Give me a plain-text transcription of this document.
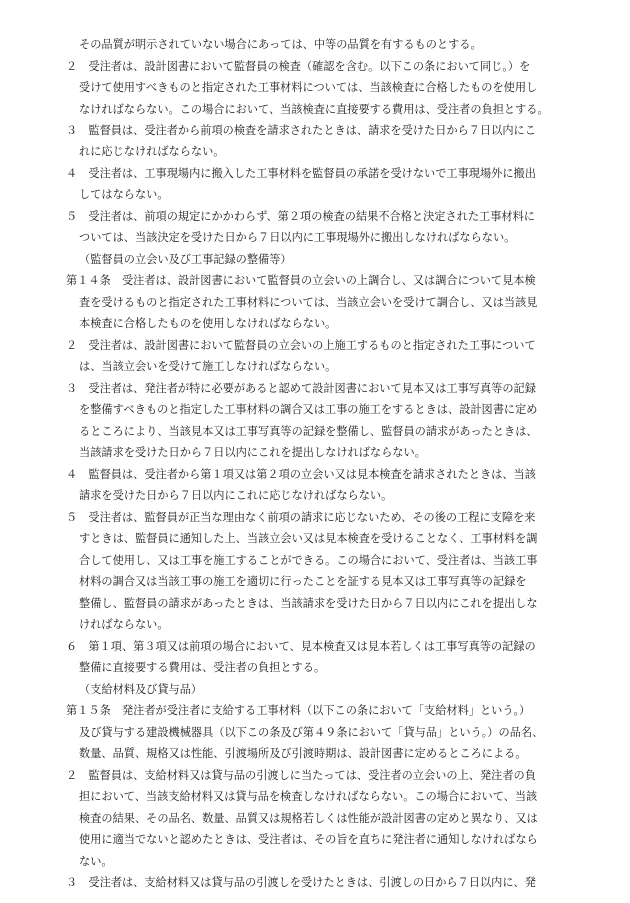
その品質が明示されていない場合にあっては、中等の品質を有するものとする。
２　受注者は、設計図書において監督員の検査（確認を含む。以下この条において同じ。）を
受けて使用すべきものと指定された工事材料については、当該検査に合格したものを使用し
なければならない。この場合において、当該検査に直接要する費用は、受注者の負担とする。
３　監督員は、受注者から前項の検査を請求されたときは、請求を受けた日から７日以内にこ
れに応じなければならない。
４　受注者は、工事現場内に搬入した工事材料を監督員の承諾を受けないで工事現場外に搬出
してはならない。
５　受注者は、前項の規定にかかわらず、第２項の検査の結果不合格と決定された工事材料に
ついては、当該決定を受けた日から７日以内に工事現場外に搬出しなければならない。
（監督員の立会い及び工事記録の整備等）
第１４条　受注者は、設計図書において監督員の立会いの上調合し、又は調合について見本検
査を受けるものと指定された工事材料については、当該立会いを受けて調合し、又は当該見
本検査に合格したものを使用しなければならない。
２　受注者は、設計図書において監督員の立会いの上施工するものと指定された工事について
は、当該立会いを受けて施工しなければならない。
３　受注者は、発注者が特に必要があると認めて設計図書において見本又は工事写真等の記録
を整備すべきものと指定した工事材料の調合又は工事の施工をするときは、設計図書に定め
るところにより、当該見本又は工事写真等の記録を整備し、監督員の請求があったときは、
当該請求を受けた日から７日以内にこれを提出しなければならない。
４　監督員は、受注者から第１項又は第２項の立会い又は見本検査を請求されたときは、当該
請求を受けた日から７日以内にこれに応じなければならない。
５　受注者は、監督員が正当な理由なく前項の請求に応じないため、その後の工程に支障を来
すときは、監督員に通知した上、当該立会い又は見本検査を受けることなく、工事材料を調
合して使用し、又は工事を施工することができる。この場合において、受注者は、当該工事
材料の調合又は当該工事の施工を適切に行ったことを証する見本又は工事写真等の記録を
整備し、監督員の請求があったときは、当該請求を受けた日から７日以内にこれを提出しな
ければならない。
６　第１項、第３項又は前項の場合において、見本検査又は見本若しくは工事写真等の記録の
整備に直接要する費用は、受注者の負担とする。
（支給材料及び貸与品）
第１５条　発注者が受注者に支給する工事材料（以下この条において「支給材料」という。）
及び貸与する建設機械器具（以下この条及び第４９条において「貸与品」という。）の品名、
数量、品質、規格又は性能、引渡場所及び引渡時期は、設計図書に定めるところによる。
２　監督員は、支給材料又は貸与品の引渡しに当たっては、受注者の立会いの上、発注者の負
担において、当該支給材料又は貸与品を検査しなければならない。この場合において、当該
検査の結果、その品名、数量、品質又は規格若しくは性能が設計図書の定めと異なり、又は
使用に適当でないと認めたときは、受注者は、その旨を直ちに発注者に通知しなければなら
ない。
３　受注者は、支給材料又は貸与品の引渡しを受けたときは、引渡しの日から７日以内に、発
